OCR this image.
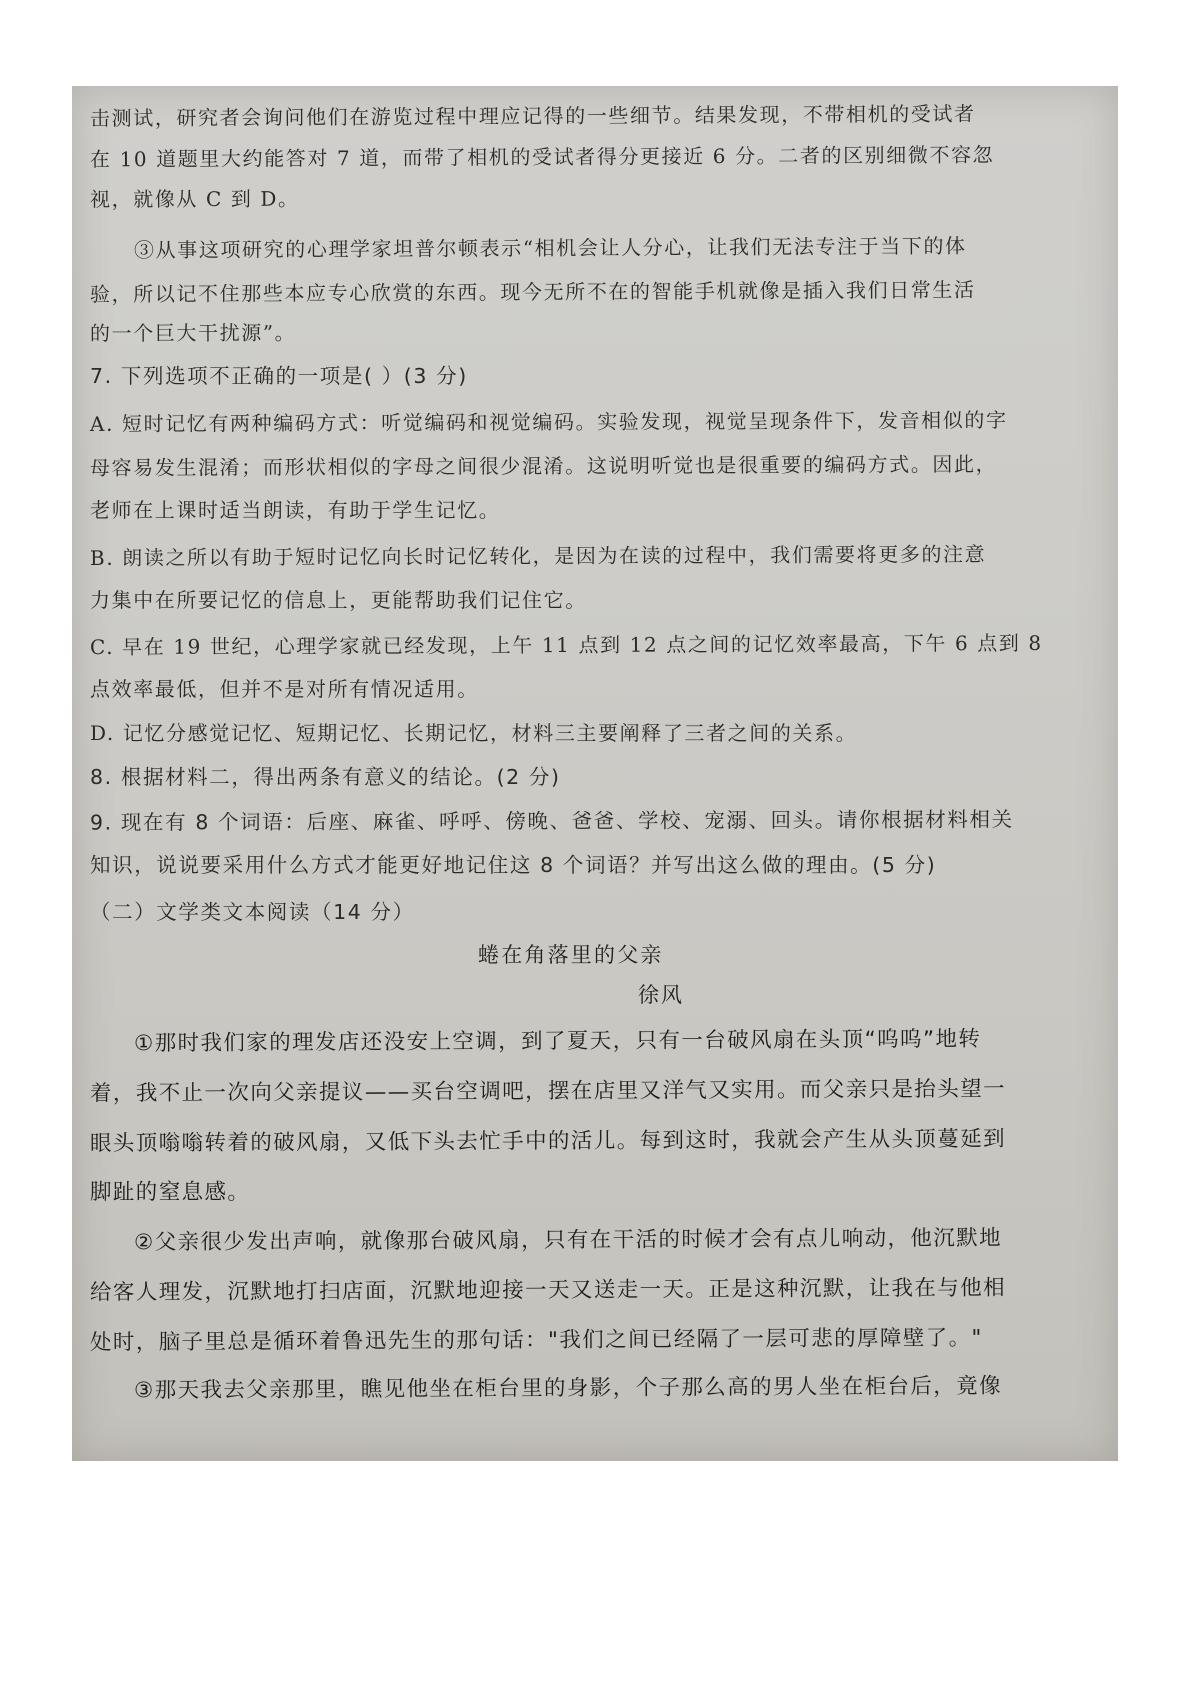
击测试，研究者会询问他们在游览过程中理应记得的一些细节。结果发现，不带相机的受试者
在 10 道题里大约能答对 7 道，而带了相机的受试者得分更接近 6 分。二者的区别细微不容忽
视，就像从 C 到 D。
③从事这项研究的心理学家坦普尔顿表示“相机会让人分心，让我们无法专注于当下的体
验，所以记不住那些本应专心欣赏的东西。现今无所不在的智能手机就像是插入我们日常生活
的一个巨大干扰源”。
7. 下列选项不正确的一项是( ）(3 分)
A. 短时记忆有两种编码方式：听觉编码和视觉编码。实验发现，视觉呈现条件下，发音相似的字
母容易发生混淆；而形状相似的字母之间很少混淆。这说明听觉也是很重要的编码方式。因此，
老师在上课时适当朗读，有助于学生记忆。
B. 朗读之所以有助于短时记忆向长时记忆转化，是因为在读的过程中，我们需要将更多的注意
力集中在所要记忆的信息上，更能帮助我们记住它。
C. 早在 19 世纪，心理学家就已经发现，上午 11 点到 12 点之间的记忆效率最高，下午 6 点到 8
点效率最低，但并不是对所有情况适用。
D. 记忆分感觉记忆、短期记忆、长期记忆，材料三主要阐释了三者之间的关系。
8. 根据材料二，得出两条有意义的结论。(2 分)
9. 现在有 8 个词语：后座、麻雀、呼呼、傍晚、爸爸、学校、宠溺、回头。请你根据材料相关
知识，说说要采用什么方式才能更好地记住这 8 个词语？并写出这么做的理由。(5 分)
（二）文学类文本阅读（14 分）
蜷在角落里的父亲
徐风
①那时我们家的理发店还没安上空调，到了夏天，只有一台破风扇在头顶“呜呜”地转
着，我不止一次向父亲提议——买台空调吧，摆在店里又洋气又实用。而父亲只是抬头望一
眼头顶嗡嗡转着的破风扇，又低下头去忙手中的活儿。每到这时，我就会产生从头顶蔓延到
脚趾的窒息感。
②父亲很少发出声响，就像那台破风扇，只有在干活的时候才会有点儿响动，他沉默地
给客人理发，沉默地打扫店面，沉默地迎接一天又送走一天。正是这种沉默，让我在与他相
处时，脑子里总是循环着鲁迅先生的那句话："我们之间已经隔了一层可悲的厚障壁了。"
③那天我去父亲那里，瞧见他坐在柜台里的身影，个子那么高的男人坐在柜台后，竟像
